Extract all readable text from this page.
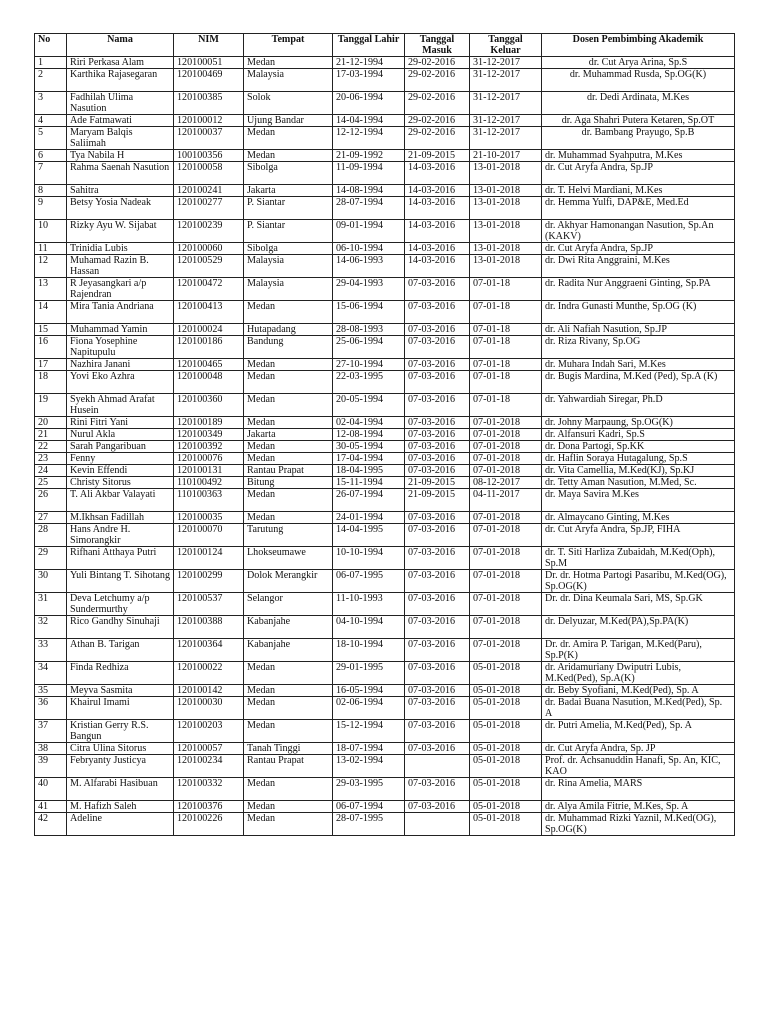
No	Nama	NIM	Tempat	Tanggal Lahir	Tanggal Masuk	Tanggal Keluar	Dosen Pembimbing Akademik
1	Riri Perkasa Alam	120100051	Medan	21-12-1994	29-02-2016	31-12-2017	dr. Cut Arya Arina, Sp.S
2	Karthika Rajasegaran	120100469	Malaysia	17-03-1994	29-02-2016	31-12-2017	dr. Muhammad Rusda, Sp.OG(K)
3	Fadhilah Ulima Nasution	120100385	Solok	20-06-1994	29-02-2016	31-12-2017	dr. Dedi Ardinata, M.Kes
4	Ade Fatmawati	120100012	Ujung Bandar	14-04-1994	29-02-2016	31-12-2017	dr. Aga Shahri Putera Ketaren, Sp.OT
5	Maryam Balqis Saliimah	120100037	Medan	12-12-1994	29-02-2016	31-12-2017	dr. Bambang Prayugo, Sp.B
6	Tya Nabila H	100100356	Medan	21-09-1992	21-09-2015	21-10-2017	dr. Muhammad Syahputra, M.Kes
7	Rahma Saenah Nasution	120100058	Sibolga	11-09-1994	14-03-2016	13-01-2018	dr. Cut Aryfa Andra, Sp.JP
8	Sahitra	120100241	Jakarta	14-08-1994	14-03-2016	13-01-2018	dr. T. Helvi Mardiani, M.Kes
9	Betsy Yosia Nadeak	120100277	P. Siantar	28-07-1994	14-03-2016	13-01-2018	dr. Hemma Yulfi, DAP&E, Med.Ed
10	Rizky Ayu W. Sijabat	120100239	P. Siantar	09-01-1994	14-03-2016	13-01-2018	dr. Akhyar Hamonangan Nasution, Sp.An (KAKV)
11	Trinidia Lubis	120100060	Sibolga	06-10-1994	14-03-2016	13-01-2018	dr. Cut Aryfa Andra, Sp.JP
12	Muhamad Razin B. Hassan	120100529	Malaysia	14-06-1993	14-03-2016	13-01-2018	dr. Dwi Rita Anggraini, M.Kes
13	R Jeyasangkari a/p Rajendran	120100472	Malaysia	29-04-1993	07-03-2016	07-01-18	dr. Radita Nur Anggraeni Ginting, Sp.PA
14	Mira Tania Andriana	120100413	Medan	15-06-1994	07-03-2016	07-01-18	dr. Indra Gunasti Munthe, Sp.OG (K)
15	Muhammad Yamin	120100024	Hutapadang	28-08-1993	07-03-2016	07-01-18	dr. Ali Nafiah Nasution, Sp.JP
16	Fiona Yosephine Napitupulu	120100186	Bandung	25-06-1994	07-03-2016	07-01-18	dr. Riza Rivany, Sp.OG
17	Nazhira Janani	120100465	Medan	27-10-1994	07-03-2016	07-01-18	dr. Muhara Indah Sari, M.Kes
18	Yovi Eko Azhra	120100048	Medan	22-03-1995	07-03-2016	07-01-18	dr. Bugis Mardina, M.Ked (Ped), Sp.A (K)
19	Syekh Ahmad Arafat Husein	120100360	Medan	20-05-1994	07-03-2016	07-01-18	dr. Yahwardiah Siregar, Ph.D
20	Rini Fitri Yani	120100189	Medan	02-04-1994	07-03-2016	07-01-2018	dr. Johny Marpaung, Sp.OG(K)
21	Nurul Akla	120100349	Jakarta	12-08-1994	07-03-2016	07-01-2018	dr. Alfansuri Kadri, Sp.S
22	Sarah Pangaribuan	120100392	Medan	30-05-1994	07-03-2016	07-01-2018	dr. Dona Partogi, Sp.KK
23	Fenny	120100076	Medan	17-04-1994	07-03-2016	07-01-2018	dr. Haflin Soraya Hutagalung, Sp.S
24	Kevin Effendi	120100131	Rantau Prapat	18-04-1995	07-03-2016	07-01-2018	dr. Vita Camellia, M.Ked(KJ), Sp.KJ
25	Christy Sitorus	110100492	Bitung	15-11-1994	21-09-2015	08-12-2017	dr. Tetty Aman Nasution, M.Med, Sc.
26	T. Ali Akbar Valayati	110100363	Medan	26-07-1994	21-09-2015	04-11-2017	dr. Maya Savira M.Kes
27	M.Ikhsan Fadillah	120100035	Medan	24-01-1994	07-03-2016	07-01-2018	dr. Almaycano Ginting, M.Kes
28	Hans Andre H. Simorangkir	120100070	Tarutung	14-04-1995	07-03-2016	07-01-2018	dr. Cut Aryfa Andra, Sp.JP, FIHA
29	Rifhani Atthaya Putri	120100124	Lhokseumawe	10-10-1994	07-03-2016	07-01-2018	dr. T. Siti Harliza Zubaidah, M.Ked(Oph), Sp.M
30	Yuli Bintang T. Sihotang	120100299	Dolok Merangkir	06-07-1995	07-03-2016	07-01-2018	Dr. dr. Hotma Partogi Pasaribu, M.Ked(OG), Sp.OG(K)
31	Deva Letchumy a/p Sundermurthy	120100537	Selangor	11-10-1993	07-03-2016	07-01-2018	Dr. dr. Dina Keumala Sari, MS, Sp.GK
32	Rico Gandhy Sinuhaji	120100388	Kabanjahe	04-10-1994	07-03-2016	07-01-2018	dr. Delyuzar, M.Ked(PA),Sp.PA(K)
33	Athan B. Tarigan	120100364	Kabanjahe	18-10-1994	07-03-2016	07-01-2018	Dr. dr. Amira P. Tarigan, M.Ked(Paru), Sp.P(K)
34	Finda Redhiza	120100022	Medan	29-01-1995	07-03-2016	05-01-2018	dr. Aridamuriany Dwiputri Lubis, M.Ked(Ped), Sp.A(K)
35	Meyva Sasmita	120100142	Medan	16-05-1994	07-03-2016	05-01-2018	dr. Beby Syofiani, M.Ked(Ped), Sp. A
36	Khairul Imami	120100030	Medan	02-06-1994	07-03-2016	05-01-2018	dr. Badai Buana Nasution, M.Ked(Ped), Sp. A
37	Kristian Gerry R.S. Bangun	120100203	Medan	15-12-1994	07-03-2016	05-01-2018	dr. Putri Amelia, M.Ked(Ped), Sp. A
38	Citra Ulina Sitorus	120100057	Tanah Tinggi	18-07-1994	07-03-2016	05-01-2018	dr. Cut Aryfa Andra, Sp. JP
39	Febryanty Justicya	120100234	Rantau Prapat	13-02-1994		05-01-2018	Prof. dr. Achsanuddin Hanafi, Sp. An, KIC, KAO
40	M. Alfarabi Hasibuan	120100332	Medan	29-03-1995	07-03-2016	05-01-2018	dr. Rina Amelia, MARS
41	M. Hafizh Saleh	120100376	Medan	06-07-1994	07-03-2016	05-01-2018	dr. Alya Amila Fitrie, M.Kes, Sp. A
42	Adeline	120100226	Medan	28-07-1995		05-01-2018	dr. Muhammad Rizki Yaznil, M.Ked(OG), Sp.OG(K)
